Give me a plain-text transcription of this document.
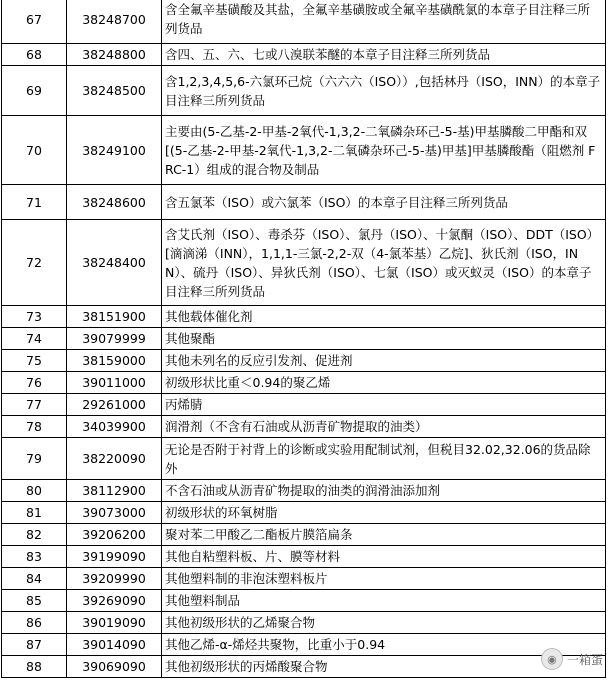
67	38248700	含全氟辛基磺酸及其盐，全氟辛基磺胺或全氟辛基磺酰氯的本章子目注释三所列货品
68	38248800	含四、五、六、七或八溴联苯醚的本章子目注释三所列货品
69	38248500	含1,2,3,4,5,6-六氯环己烷（六六六（ISO））,包括林丹（ISO，INN）的本章子目注释三所列货品
70	38249100	主要由(5-乙基-2-甲基-2氧代-1,3,2-二氧磷杂环己-5-基)甲基膦酸二甲酯和双[(5-乙基-2-甲基-2氧代-1,3,2-二氧磷杂环己-5-基)甲基]甲基膦酸酯（阻燃剂 FRC-1）组成的混合物及制品
71	38248600	含五氯苯（ISO）或六氯苯（ISO）的本章子目注释三所列货品
72	38248400	含艾氏剂（ISO）、毒杀芬（ISO）、氯丹（ISO）、十氯酮（ISO）、DDT（ISO）[滴滴涕（INN），1,1,1-三氯-2,2-双（4-氯苯基）乙烷]、狄氏剂（ISO，INN）、硫丹（ISO）、异狄氏剂（ISO）、七氯（ISO）或灭蚁灵（ISO）的本章子目注释三所列货品
73	38151900	其他载体催化剂
74	39079999	其他聚酯
75	38159000	其他未列名的反应引发剂、促进剂
76	39011000	初级形状比重＜0.94的聚乙烯
77	29261000	丙烯腈
78	34039900	润滑剂（不含有石油或从沥青矿物提取的油类）
79	38220090	无论是否附于衬背上的诊断或实验用配制试剂，但税目32.02,32.06的货品除外
80	38112900	不含石油或从沥青矿物提取的油类的润滑油添加剂
81	39073000	初级形状的环氧树脂
82	39206200	聚对苯二甲酸乙二酯板片膜箔扁条
83	39199090	其他自粘塑料板、片、膜等材料
84	39209990	其他塑料制的非泡沫塑料板片
85	39269090	其他塑料制品
86	39019090	其他初级形状的乙烯聚合物
87	39014090	其他乙烯-α-烯烃共聚物，比重小于0.94
88	39069090	其他初级形状的丙烯酸聚合物	◉ 一箱蛋
